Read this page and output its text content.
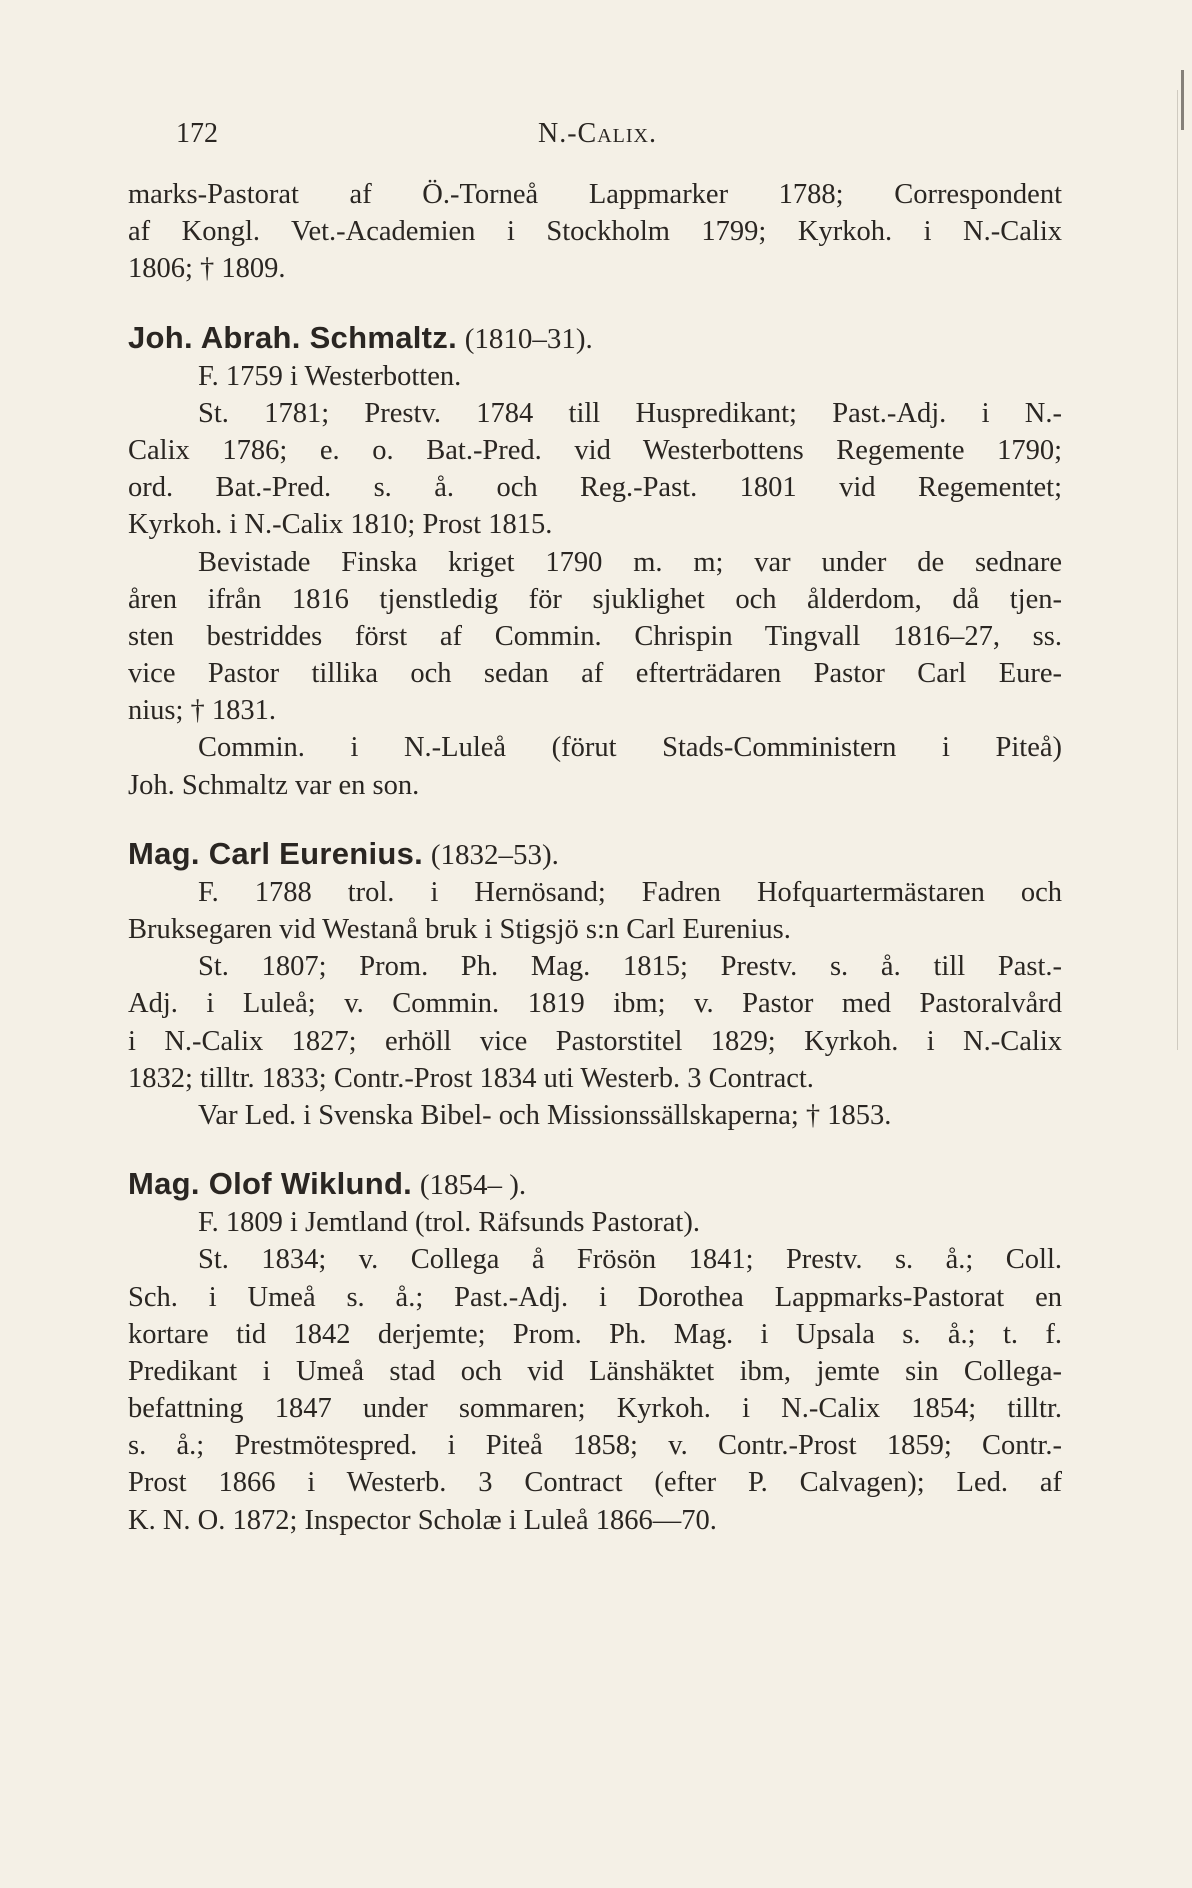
172	N.-Calix.
marks-Pastorat af Ö.-Torneå Lappmarker 1788; Correspondent
af Kongl. Vet.-Academien i Stockholm 1799; Kyrkoh. i N.-Calix
1806; † 1809.
Joh. Abrah. Schmaltz. (1810–31).
F. 1759 i Westerbotten.
St. 1781; Prestv. 1784 till Huspredikant; Past.-Adj. i N.-
Calix 1786; e. o. Bat.-Pred. vid Westerbottens Regemente 1790;
ord. Bat.-Pred. s. å. och Reg.-Past. 1801 vid Regementet;
Kyrkoh. i N.-Calix 1810; Prost 1815.
Bevistade Finska kriget 1790 m. m; var under de sednare
åren ifrån 1816 tjenstledig för sjuklighet och ålderdom, då tjen-
sten bestriddes först af Commin. Chrispin Tingvall 1816–27, ss.
vice Pastor tillika och sedan af efterträdaren Pastor Carl Eure-
nius; † 1831.
Commin. i N.-Luleå (förut Stads-Comministern i Piteå)
Joh. Schmaltz var en son.
Mag. Carl Eurenius. (1832–53).
F. 1788 trol. i Hernösand; Fadren Hofquartermästaren och
Bruksegaren vid Westanå bruk i Stigsjö s:n Carl Eurenius.
St. 1807; Prom. Ph. Mag. 1815; Prestv. s. å. till Past.-
Adj. i Luleå; v. Commin. 1819 ibm; v. Pastor med Pastoralvård
i N.-Calix 1827; erhöll vice Pastorstitel 1829; Kyrkoh. i N.-Calix
1832; tilltr. 1833; Contr.-Prost 1834 uti Westerb. 3 Contract.
Var Led. i Svenska Bibel- och Missionssällskaperna; † 1853.
Mag. Olof Wiklund. (1854– ).
F. 1809 i Jemtland (trol. Räfsunds Pastorat).
St. 1834; v. Collega å Frösön 1841; Prestv. s. å.; Coll.
Sch. i Umeå s. å.; Past.-Adj. i Dorothea Lappmarks-Pastorat en
kortare tid 1842 derjemte; Prom. Ph. Mag. i Upsala s. å.; t. f.
Predikant i Umeå stad och vid Länshäktet ibm, jemte sin Collega-
befattning 1847 under sommaren; Kyrkoh. i N.-Calix 1854; tilltr.
s. å.; Prestmötespred. i Piteå 1858; v. Contr.-Prost 1859; Contr.-
Prost 1866 i Westerb. 3 Contract (efter P. Calvagen); Led. af
K. N. O. 1872; Inspector Scholæ i Luleå 1866—70.
